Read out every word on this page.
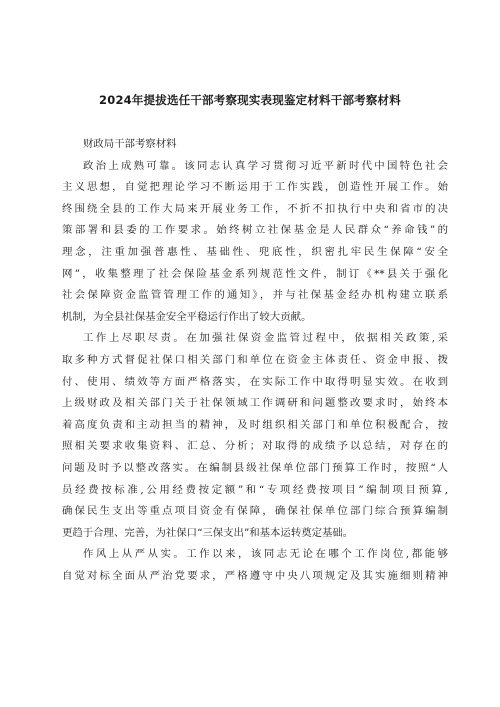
2024年提拔选任干部考察现实表现鉴定材料干部考察材料
财政局干部考察材料
政治上成熟可靠。该同志认真学习贯彻习近平新时代中国特色社会
主义思想，自觉把理论学习不断运用于工作实践，创造性开展工作。始
终围绕全县的工作大局来开展业务工作，不折不扣执行中央和省市的决
策部署和县委的工作要求。始终树立社保基金是人民群众“养命钱”的
理念，注重加强普惠性、基础性、兜底性，织密扎牢民生保障“安全
网”，收集整理了社会保险基金系列规范性文件，制订《**县关于强化
社会保障资金监管管理工作的通知》，并与社保基金经办机构建立联系
机制，为全县社保基金安全平稳运行作出了较大贡献。
工作上尽职尽责。在加强社保资金监管过程中，依据相关政策,采
取多种方式督促社保口相关部门和单位在资金主体责任、资金申报、拨
付、使用、绩效等方面严格落实，在实际工作中取得明显实效。在收到
上级财政及相关部门关于社保领域工作调研和问题整改要求时，始终本
着高度负责和主动担当的精神，及时组织相关部门和单位积极配合，按
照相关要求收集资料、汇总、分析；对取得的成绩予以总结，对存在的
问题及时予以整改落实。在编制县级社保单位部门预算工作时，按照“人
员经费按标准,公用经费按定额”和“专项经费按项目”编制项目预算,
确保民生支出等重点项目资金有保障，确保社保单位部门综合预算编制
更趋于合理、完善，为社保口“三保支出”和基本运转奠定基础。
作风上从严从实。工作以来，该同志无论在哪个工作岗位,都能够
自觉对标全面从严治党要求，严格遵守中央八项规定及其实施细则精神
